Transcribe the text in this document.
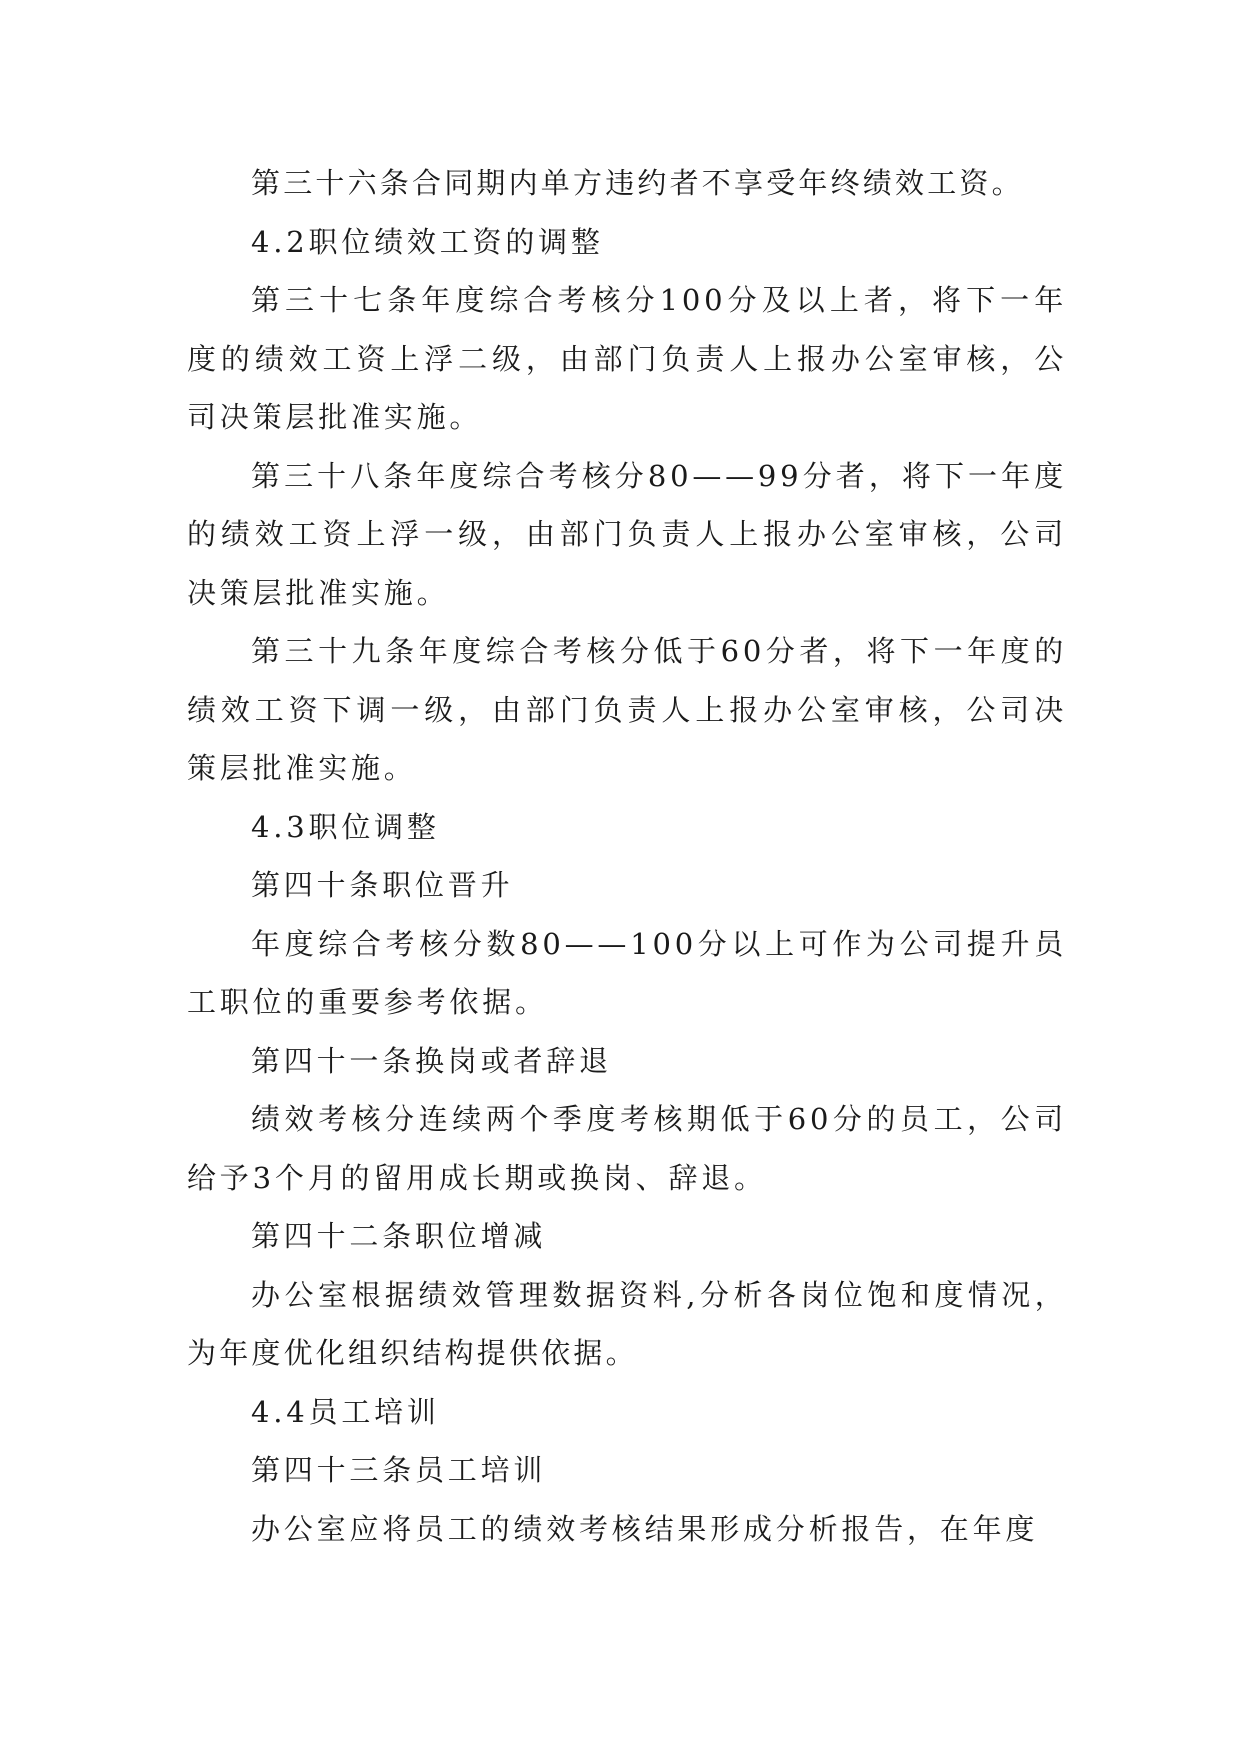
第三十六条合同期内单方违约者不享受年终绩效工资。

4.2职位绩效工资的调整

第三十七条年度综合考核分100分及以上者，将下一年度的绩效工资上浮二级，由部门负责人上报办公室审核，公司决策层批准实施。

第三十八条年度综合考核分80——99分者，将下一年度的绩效工资上浮一级，由部门负责人上报办公室审核，公司决策层批准实施。

第三十九条年度综合考核分低于60分者，将下一年度的绩效工资下调一级，由部门负责人上报办公室审核，公司决策层批准实施。

4.3职位调整

第四十条职位晋升

年度综合考核分数80——100分以上可作为公司提升员工职位的重要参考依据。

第四十一条换岗或者辞退

绩效考核分连续两个季度考核期低于60分的员工，公司给予3个月的留用成长期或换岗、辞退。

第四十二条职位增减

办公室根据绩效管理数据资料,分析各岗位饱和度情况，为年度优化组织结构提供依据。

4.4员工培训

第四十三条员工培训

办公室应将员工的绩效考核结果形成分析报告，在年度
